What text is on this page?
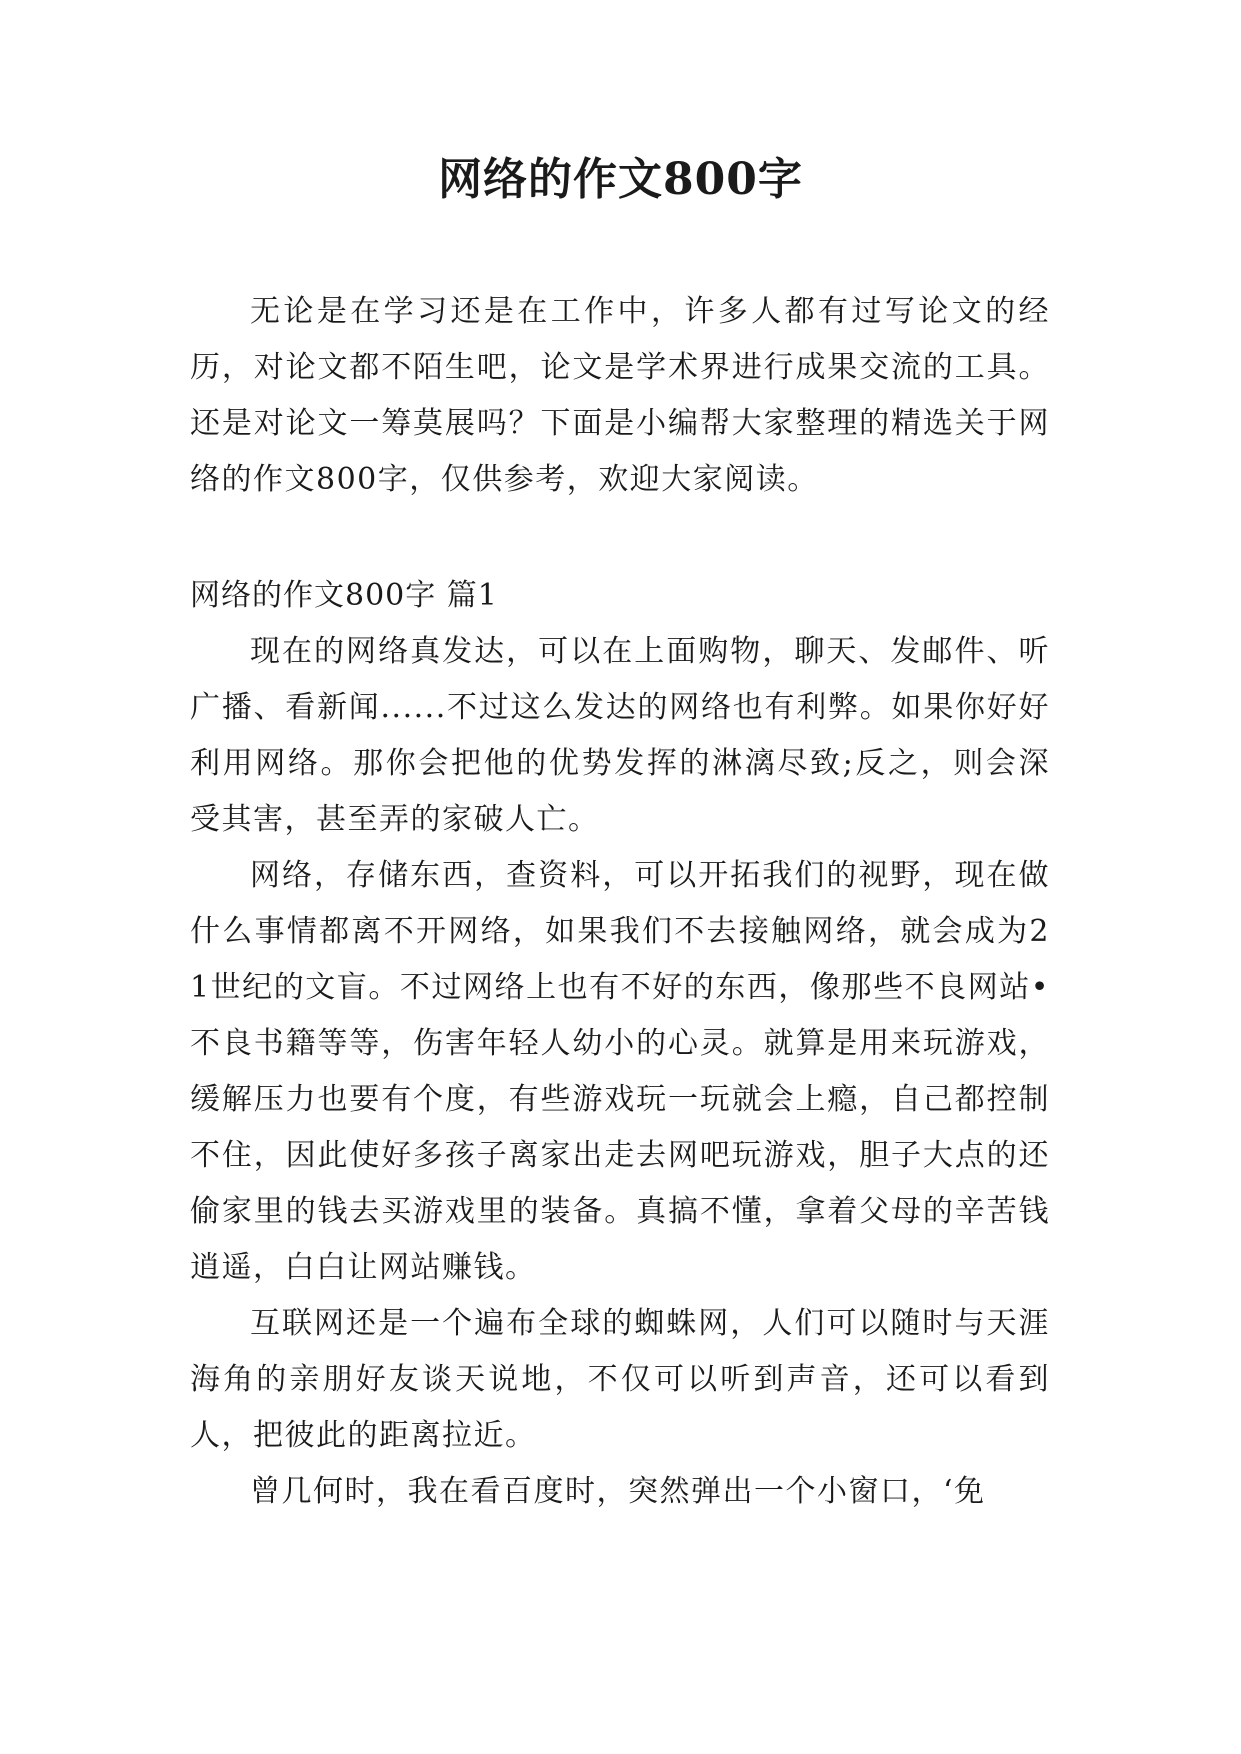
网络的作文800字

无论是在学习还是在工作中，许多人都有过写论文的经历，对论文都不陌生吧，论文是学术界进行成果交流的工具。还是对论文一筹莫展吗？下面是小编帮大家整理的精选关于网络的作文800字，仅供参考，欢迎大家阅读。

网络的作文800字 篇1

现在的网络真发达，可以在上面购物，聊天、发邮件、听广播、看新闻......不过这么发达的网络也有利弊。如果你好好利用网络。那你会把他的优势发挥的淋漓尽致;反之，则会深受其害，甚至弄的家破人亡。

网络，存储东西，查资料，可以开拓我们的视野，现在做什么事情都离不开网络，如果我们不去接触网络，就会成为21世纪的文盲。不过网络上也有不好的东西，像那些不良网站•不良书籍等等，伤害年轻人幼小的心灵。就算是用来玩游戏，缓解压力也要有个度，有些游戏玩一玩就会上瘾，自己都控制不住，因此使好多孩子离家出走去网吧玩游戏，胆子大点的还偷家里的钱去买游戏里的装备。真搞不懂，拿着父母的辛苦钱逍遥，白白让网站赚钱。

互联网还是一个遍布全球的蜘蛛网，人们可以随时与天涯海角的亲朋好友谈天说地，不仅可以听到声音，还可以看到人，把彼此的距离拉近。

曾几何时，我在看百度时，突然弹出一个小窗口，‘免
